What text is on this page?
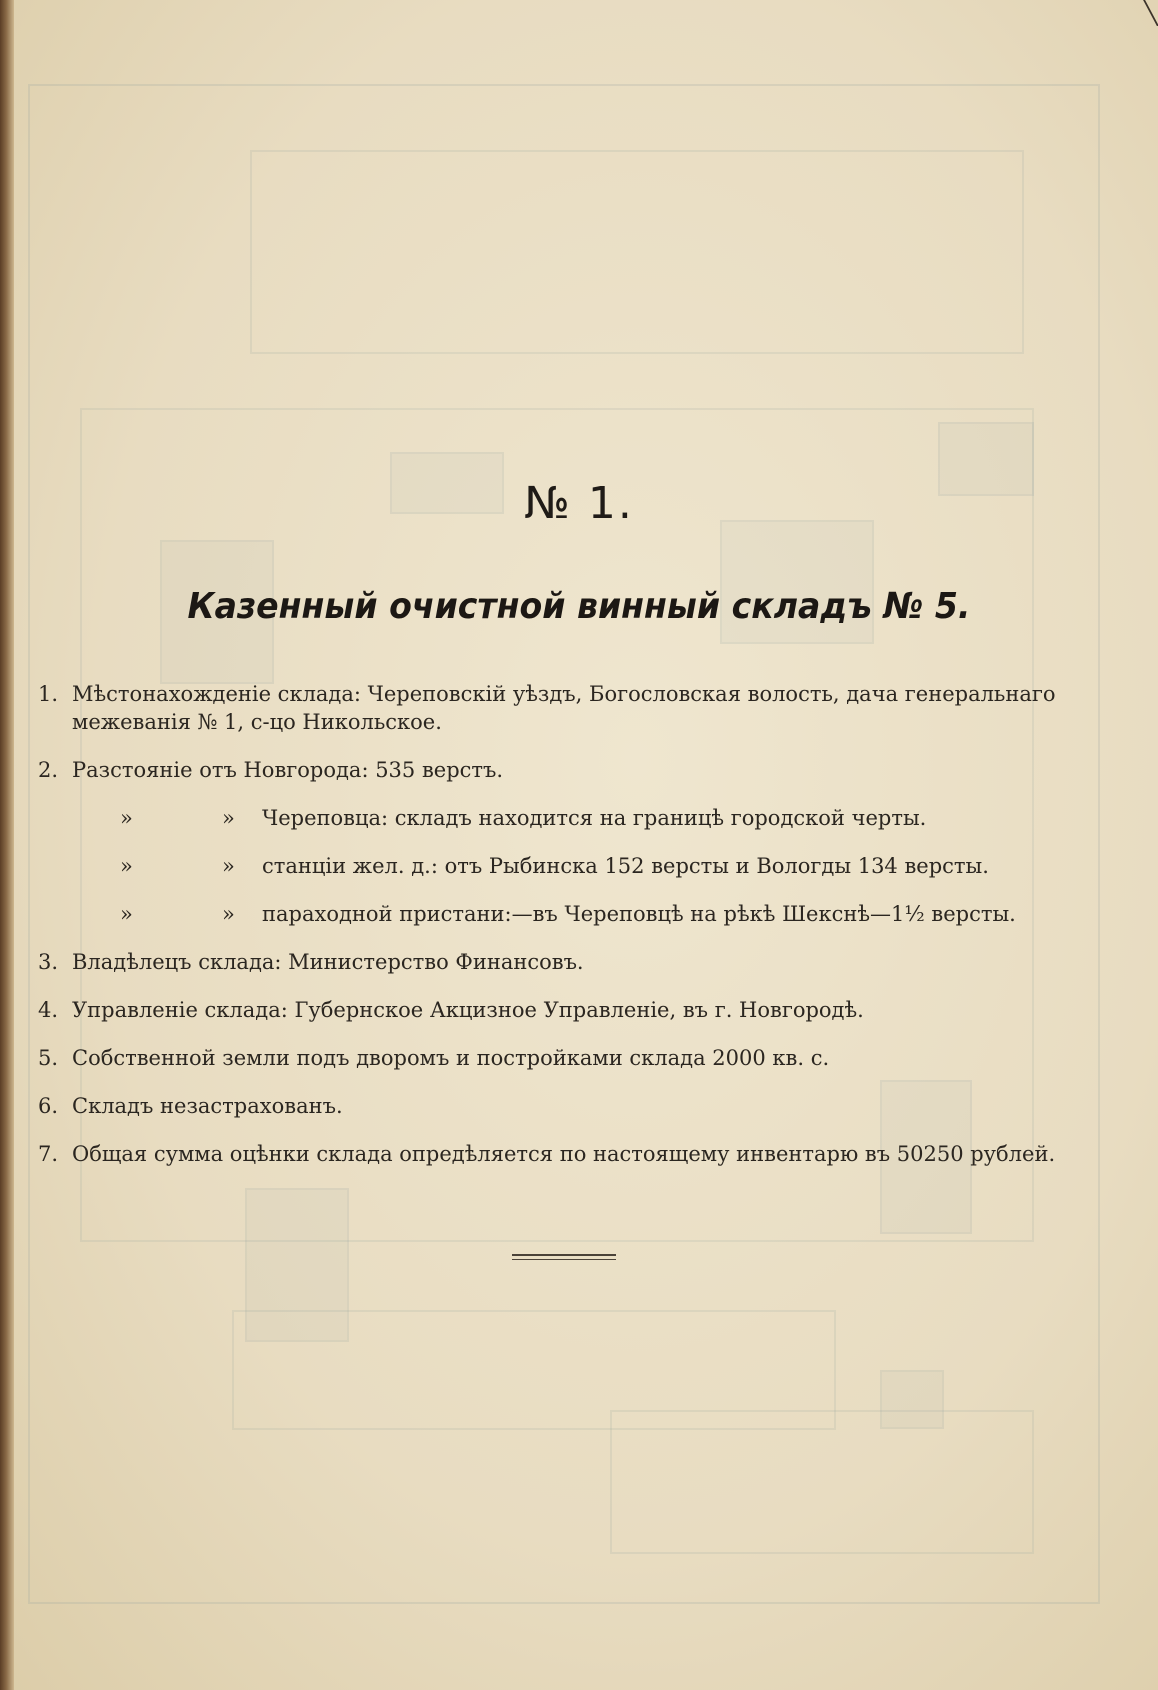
№ 1.
Казенный очистной винный складъ № 5.
1. Мѣстонахожденіе склада: Череповскій уѣздъ, Богословская волость, дача генеральнаго межеванія № 1, с-цо Никольское.
2. Разстояніе отъ Новгорода: 535 верстъ.
»	» Череповца: складъ находится на границѣ городской черты.
»	» станціи жел. д.: отъ Рыбинска 152 версты и Вологды 134 версты.
»	» параходной пристани:—въ Череповцѣ на рѣкѣ Шекснѣ—1½ версты.
3. Владѣлецъ склада: Министерство Финансовъ.
4. Управленіе склада: Губернское Акцизное Управленіе, въ г. Новгородѣ.
5. Собственной земли подъ дворомъ и постройками склада 2000 кв. с.
6. Складъ незастрахованъ.
7. Общая сумма оцѣнки склада опредѣляется по настоящему инвентарю въ 50250 рублей.
